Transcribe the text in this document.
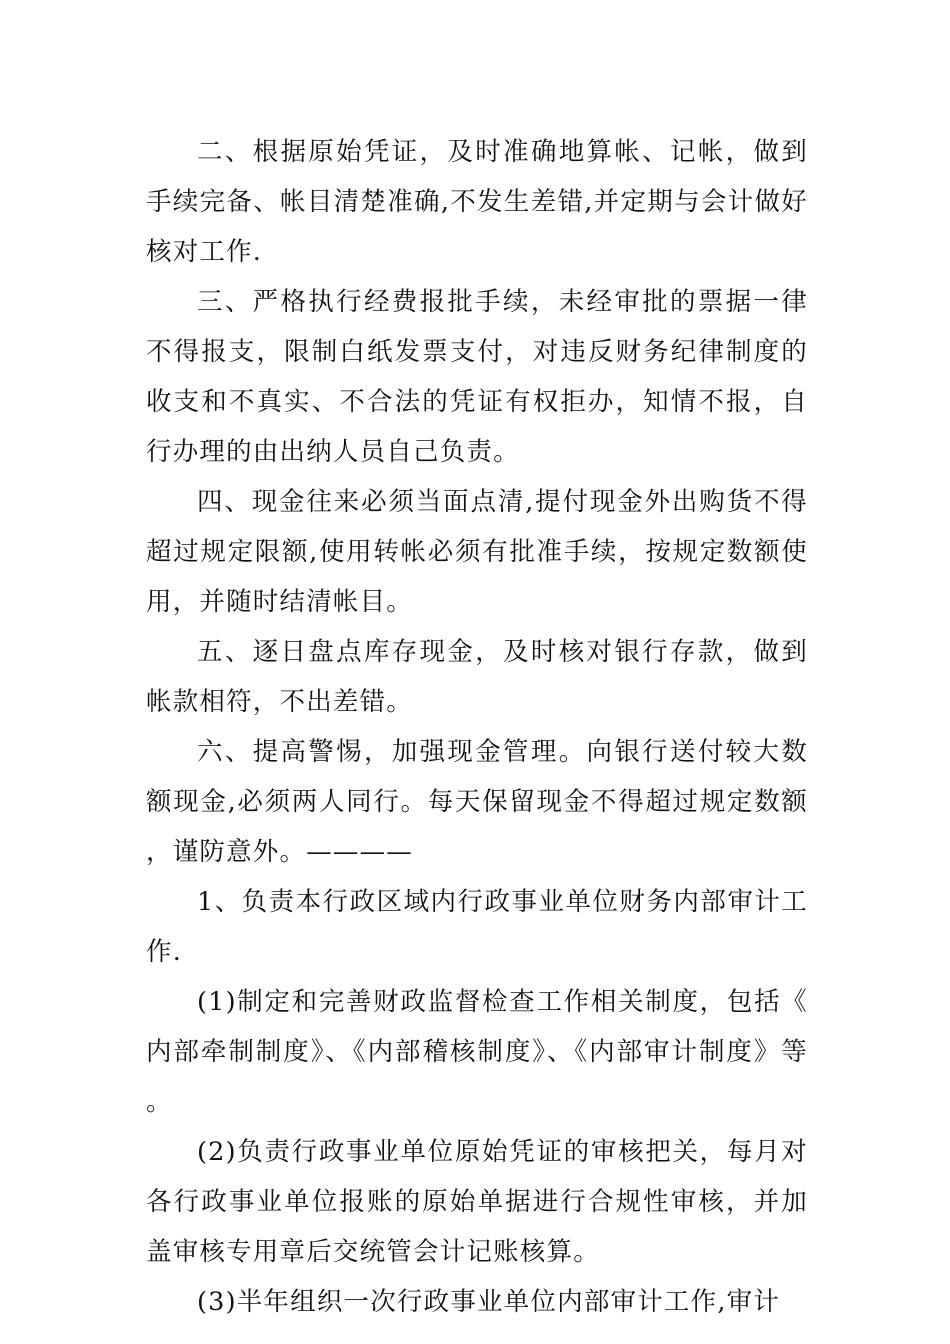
二、根据原始凭证，及时准确地算帐、记帐，做到手续完备、帐目清楚准确,不发生差错,并定期与会计做好核对工作.

三、严格执行经费报批手续，未经审批的票据一律不得报支，限制白纸发票支付，对违反财务纪律制度的收支和不真实、不合法的凭证有权拒办，知情不报，自行办理的由出纳人员自己负责。

四、现金往来必须当面点清,提付现金外出购货不得超过规定限额,使用转帐必须有批准手续，按规定数额使用，并随时结清帐目。

五、逐日盘点库存现金，及时核对银行存款，做到帐款相符，不出差错。

六、提高警惕，加强现金管理。向银行送付较大数额现金,必须两人同行。每天保留现金不得超过规定数额，谨防意外。————

1、负责本行政区域内行政事业单位财务内部审计工作.

(1)制定和完善财政监督检查工作相关制度，包括《内部牵制制度》、《内部稽核制度》、《内部审计制度》等。

(2)负责行政事业单位原始凭证的审核把关，每月对各行政事业单位报账的原始单据进行合规性审核，并加盖审核专用章后交统管会计记账核算。

(3)半年组织一次行政事业单位内部审计工作,审计
